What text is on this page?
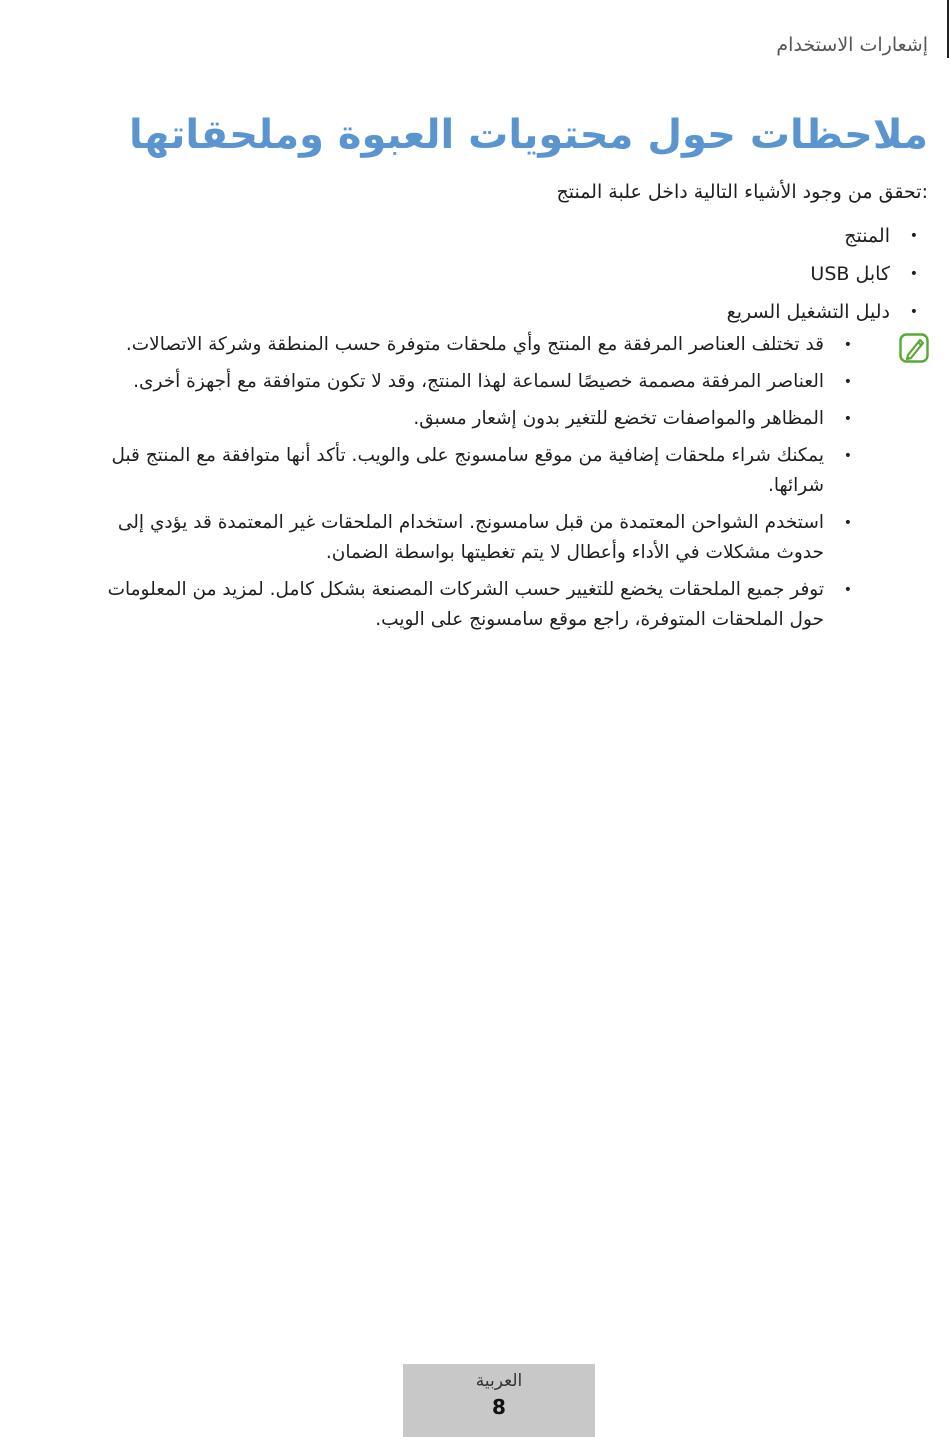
إشعارات الاستخدام
ملاحظات حول محتويات العبوة وملحقاتها

:تحقق من وجود الأشياء التالية داخل علبة المنتج

•
المنتج
•
كابل USB
•
دليل التشغيل السريع
•
قد تختلف العناصر المرفقة مع المنتج وأي ملحقات متوفرة حسب المنطقة وشركة الاتصالات.
•
العناصر المرفقة مصممة خصيصًا لسماعة لهذا المنتج، وقد لا تكون متوافقة مع أجهزة أخرى.
•
المظاهر والمواصفات تخضع للتغير بدون إشعار مسبق.
•
يمكنك شراء ملحقات إضافية من موقع سامسونج على والويب. تأكد أنها متوافقة مع المنتج قبل شرائها.
•
استخدم الشواحن المعتمدة من قبل سامسونج. استخدام الملحقات غير المعتمدة قد يؤدي إلى حدوث مشكلات في الأداء وأعطال لا يتم تغطيتها بواسطة الضمان.
•
توفر جميع الملحقات يخضع للتغيير حسب الشركات المصنعة بشكل كامل. لمزيد من المعلومات حول الملحقات المتوفرة، راجع موقع سامسونج على الويب.
العربية
8
